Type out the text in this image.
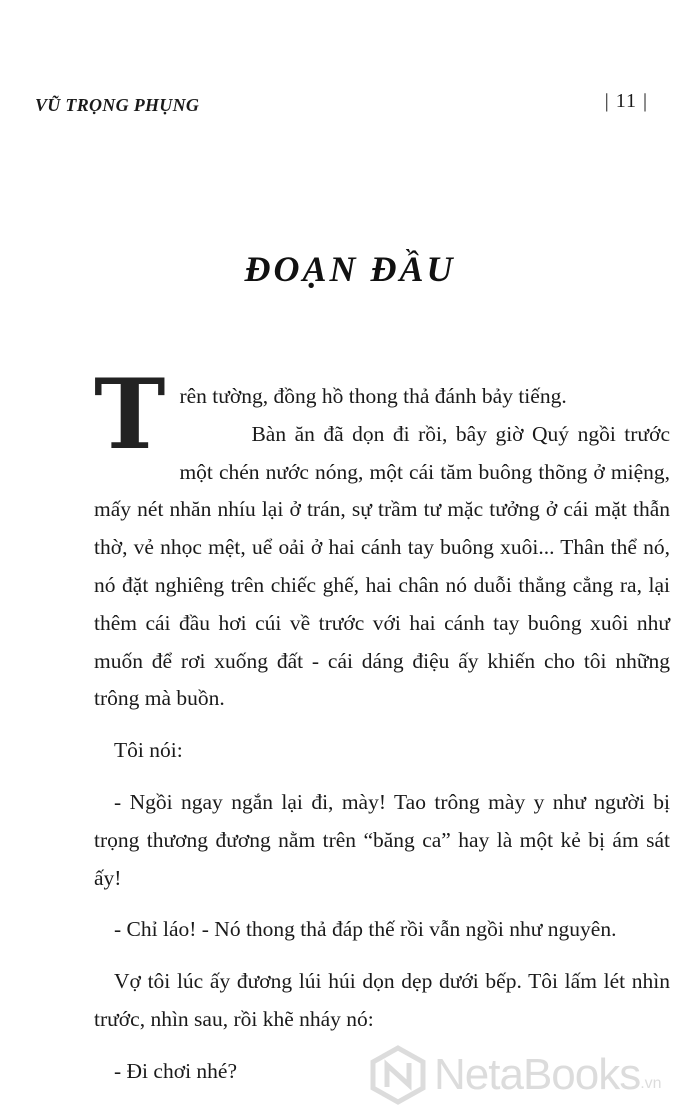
VŨ TRỌNG PHỤNG	| 11 |
ĐOẠN ĐẦU

T rên tường, đồng hồ thong thả đánh bảy tiếng.
Bàn ăn đã dọn đi rồi, bây giờ Quý ngồi trước một chén nước nóng, một cái tăm buông thõng ở miệng, mấy nét nhăn nhíu lại ở trán, sự trầm tư mặc tưởng ở cái mặt thẫn thờ, vẻ nhọc mệt, uể oải ở hai cánh tay buông xuôi... Thân thể nó, nó đặt nghiêng trên chiếc ghế, hai chân nó duỗi thẳng cẳng ra, lại thêm cái đầu hơi cúi về trước với hai cánh tay buông xuôi như muốn để rơi xuống đất - cái dáng điệu ấy khiến cho tôi những trông mà buồn.

Tôi nói:

- Ngồi ngay ngắn lại đi, mày! Tao trông mày y như người bị trọng thương đương nằm trên “băng ca” hay là một kẻ bị ám sát ấy!

- Chỉ láo! - Nó thong thả đáp thế rồi vẫn ngồi như nguyên.

Vợ tôi lúc ấy đương lúi húi dọn dẹp dưới bếp. Tôi lấm lét nhìn trước, nhìn sau, rồi khẽ nháy nó:

- Đi chơi nhé?	NetaBooks .vn
